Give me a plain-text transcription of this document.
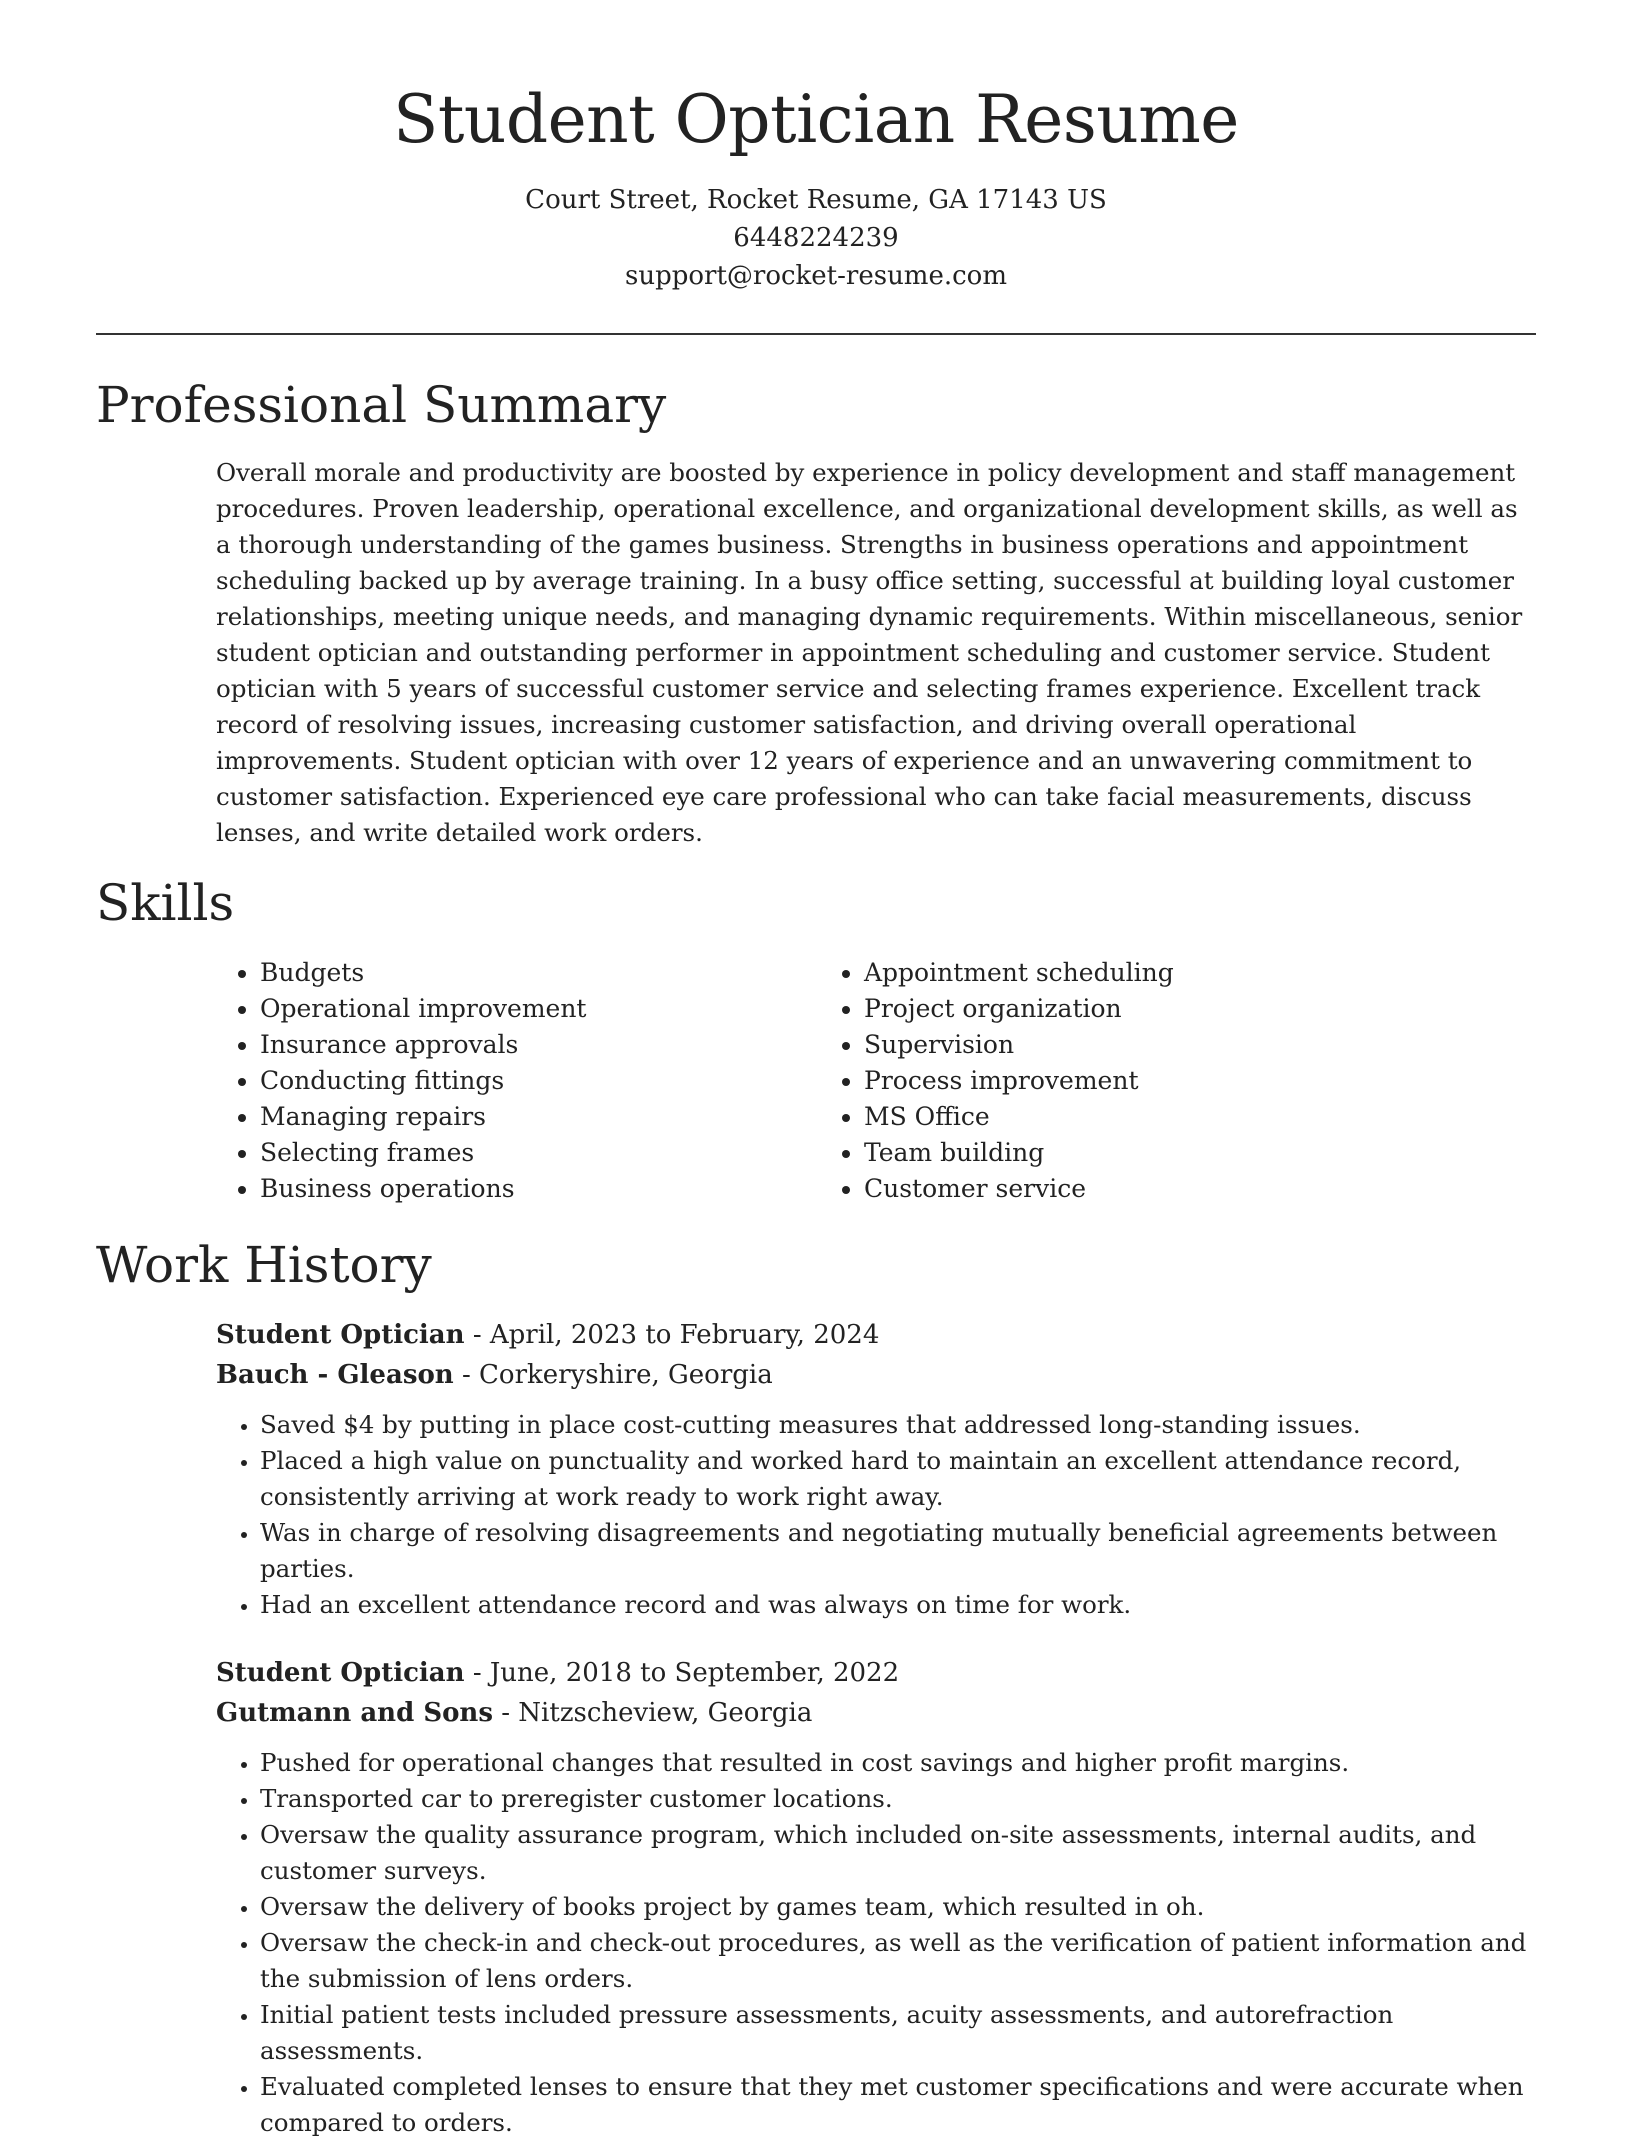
Student Optician Resume
Court Street, Rocket Resume, GA 17143 US
6448224239
support@rocket-resume.com
Professional Summary

Overall morale and productivity are boosted by experience in policy development and staff management procedures. Proven leadership, operational excellence, and organizational development skills, as well as a thorough understanding of the games business. Strengths in business operations and appointment scheduling backed up by average training. In a busy office setting, successful at building loyal customer relationships, meeting unique needs, and managing dynamic requirements. Within miscellaneous, senior student optician and outstanding performer in appointment scheduling and customer service. Student optician with 5 years of successful customer service and selecting frames experience. Excellent track record of resolving issues, increasing customer satisfaction, and driving overall operational improvements. Student optician with over 12 years of experience and an unwavering commitment to customer satisfaction. Experienced eye care professional who can take facial measurements, discuss lenses, and write detailed work orders.

Skills
• Budgets
• Operational improvement
• Insurance approvals
• Conducting fittings
• Managing repairs
• Selecting frames
• Business operations
• Appointment scheduling
• Project organization
• Supervision
• Process improvement
• MS Office
• Team building
• Customer service
Work History
Student Optician - April, 2023 to February, 2024
Bauch - Gleason - Corkeryshire, Georgia
• Saved $4 by putting in place cost-cutting measures that addressed long-standing issues.
• Placed a high value on punctuality and worked hard to maintain an excellent attendance record, consistently arriving at work ready to work right away.
• Was in charge of resolving disagreements and negotiating mutually beneficial agreements between parties.
• Had an excellent attendance record and was always on time for work.
Student Optician - June, 2018 to September, 2022
Gutmann and Sons - Nitzscheview, Georgia
• Pushed for operational changes that resulted in cost savings and higher profit margins.
• Transported car to preregister customer locations.
• Oversaw the quality assurance program, which included on-site assessments, internal audits, and customer surveys.
• Oversaw the delivery of books project by games team, which resulted in oh.
• Oversaw the check-in and check-out procedures, as well as the verification of patient information and the submission of lens orders.
• Initial patient tests included pressure assessments, acuity assessments, and autorefraction assessments.
• Evaluated completed lenses to ensure that they met customer specifications and were accurate when compared to orders.
